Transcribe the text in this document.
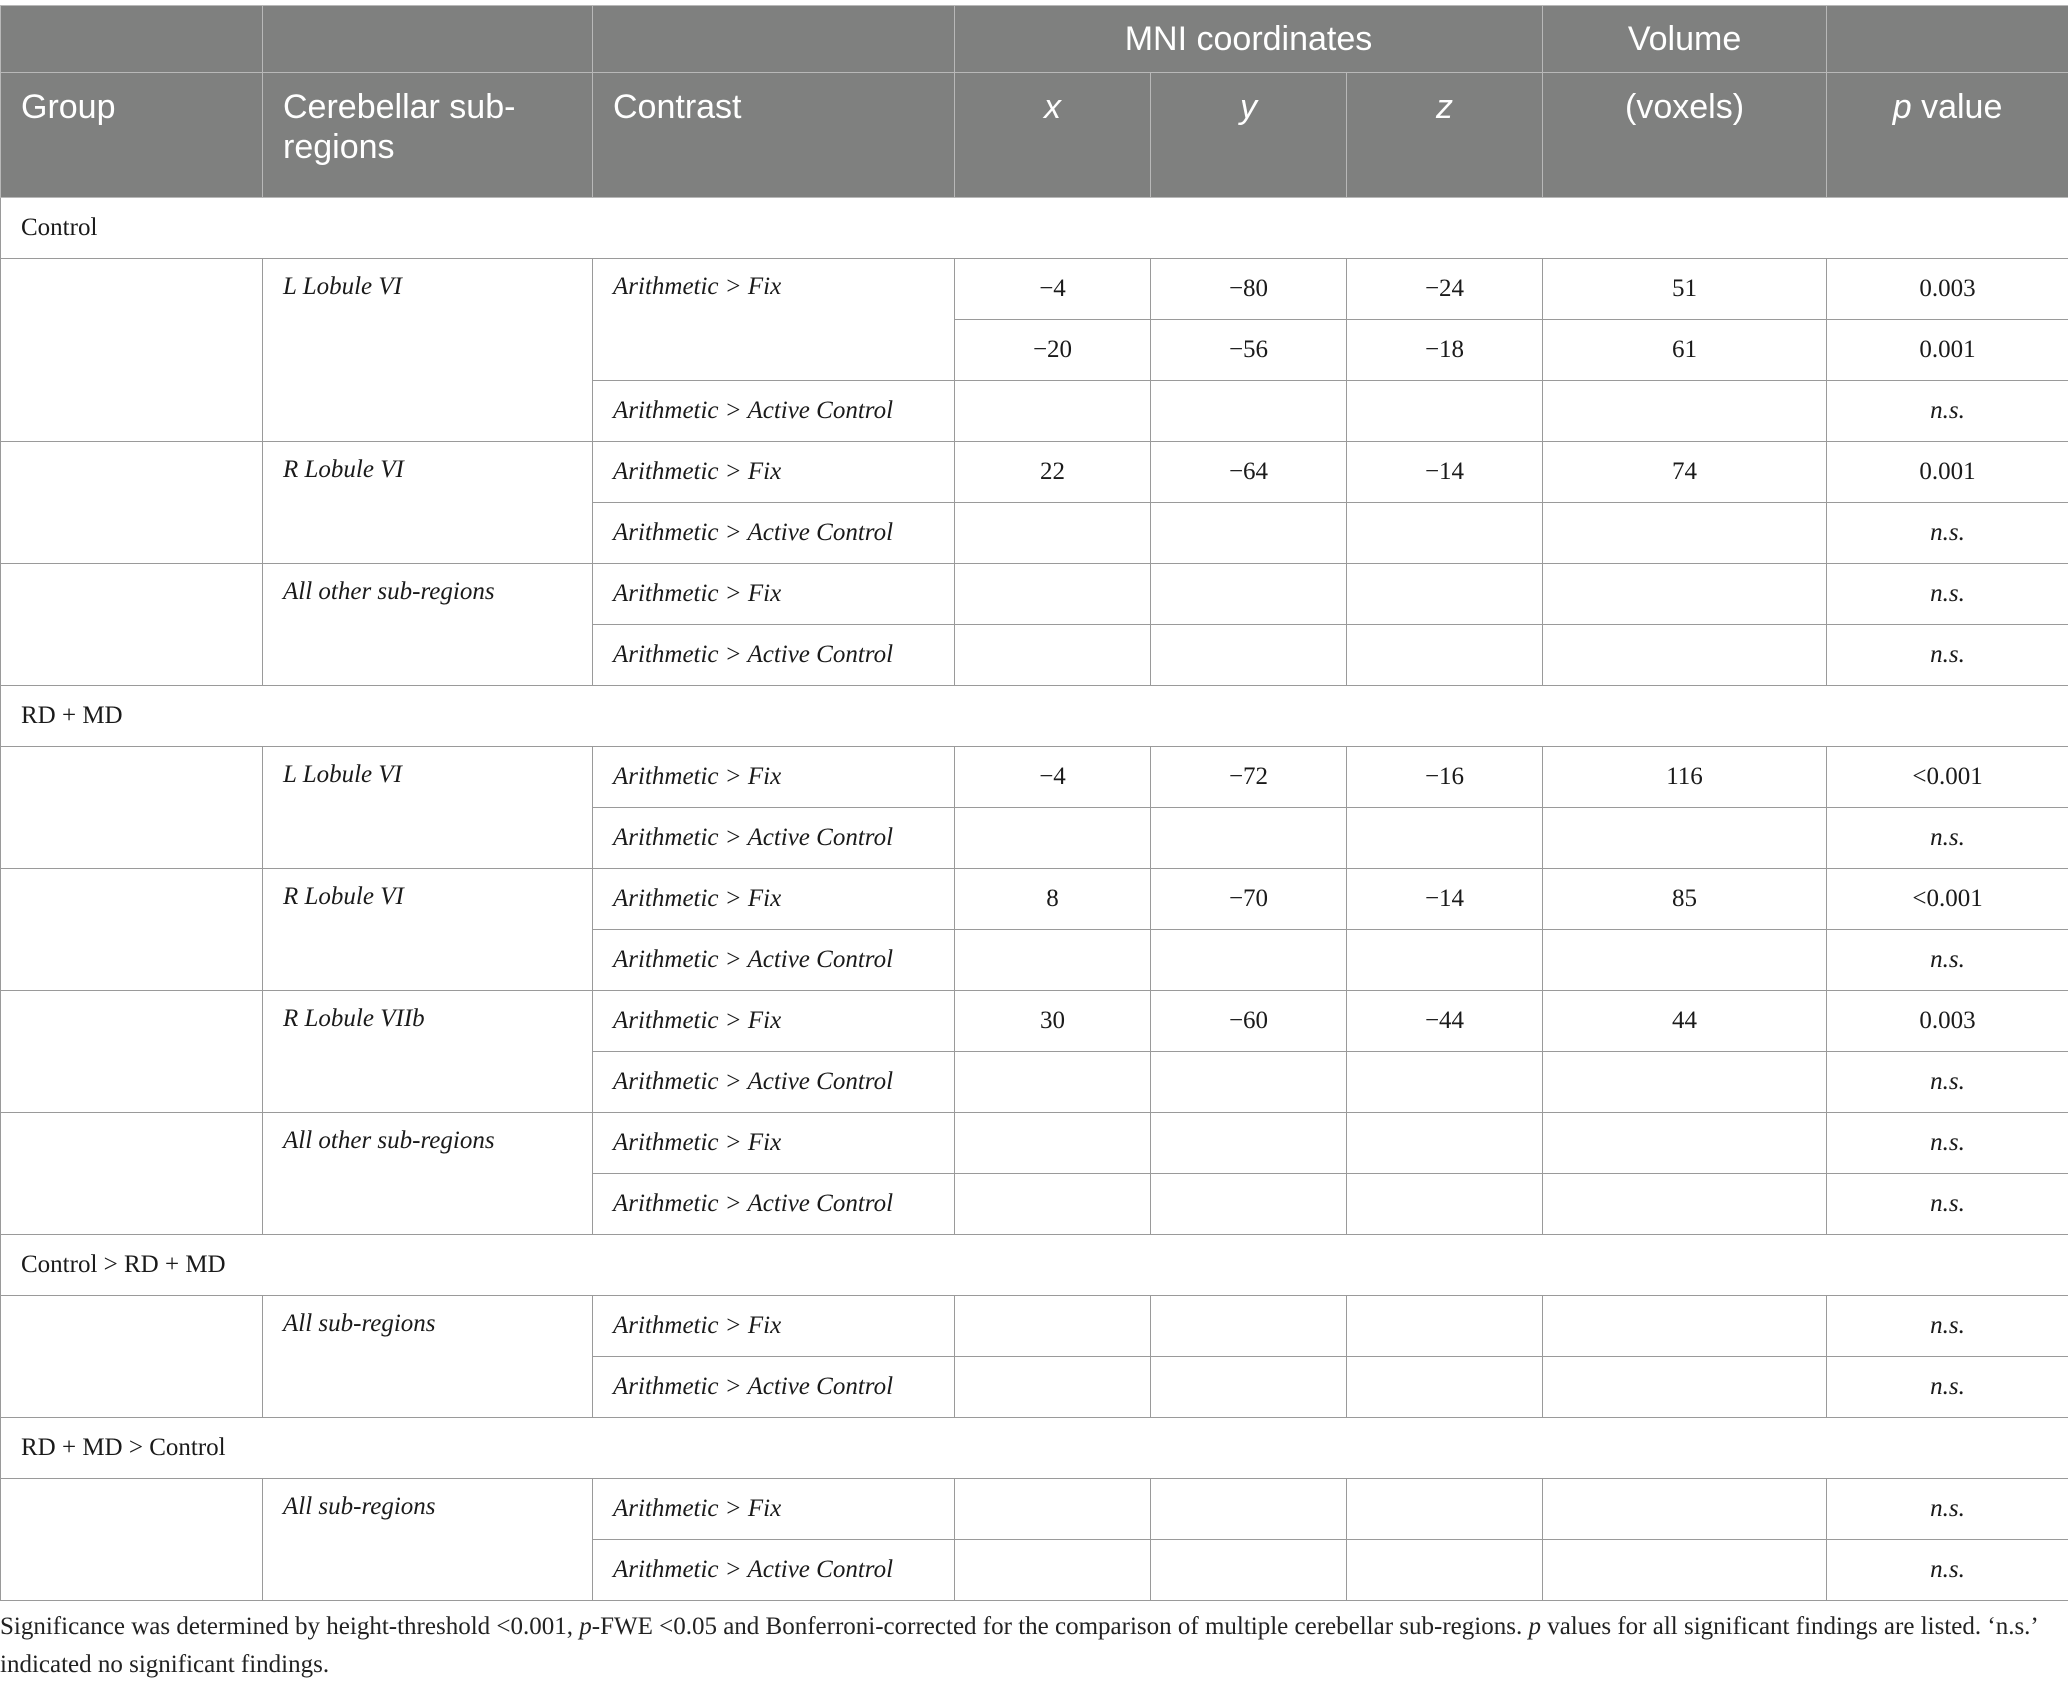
			MNI coordinates			Volume	
Group	Cerebellar sub-regions	Contrast	x	y	z	(voxels)	p value
Control							
	L Lobule VI	Arithmetic > Fix	−4	−80	−24	51	0.003
			−20	−56	−18	61	0.001
		Arithmetic > Active Control					n.s.
	R Lobule VI	Arithmetic > Fix	22	−64	−14	74	0.001
		Arithmetic > Active Control					n.s.
	All other sub-regions	Arithmetic > Fix					n.s.
		Arithmetic > Active Control					n.s.
RD + MD							
	L Lobule VI	Arithmetic > Fix	−4	−72	−16	116	<0.001
		Arithmetic > Active Control					n.s.
	R Lobule VI	Arithmetic > Fix	8	−70	−14	85	<0.001
		Arithmetic > Active Control					n.s.
	R Lobule VIIb	Arithmetic > Fix	30	−60	−44	44	0.003
		Arithmetic > Active Control					n.s.
	All other sub-regions	Arithmetic > Fix					n.s.
		Arithmetic > Active Control					n.s.
Control > RD + MD							
	All sub-regions	Arithmetic > Fix					n.s.
		Arithmetic > Active Control					n.s.
RD + MD > Control							
	All sub-regions	Arithmetic > Fix					n.s.
		Arithmetic > Active Control					n.s.
Significance was determined by height-threshold <0.001, p-FWE <0.05 and Bonferroni-corrected for the comparison of multiple cerebellar sub-regions. p values for all significant findings are listed. ‘n.s.’ indicated no significant findings.
